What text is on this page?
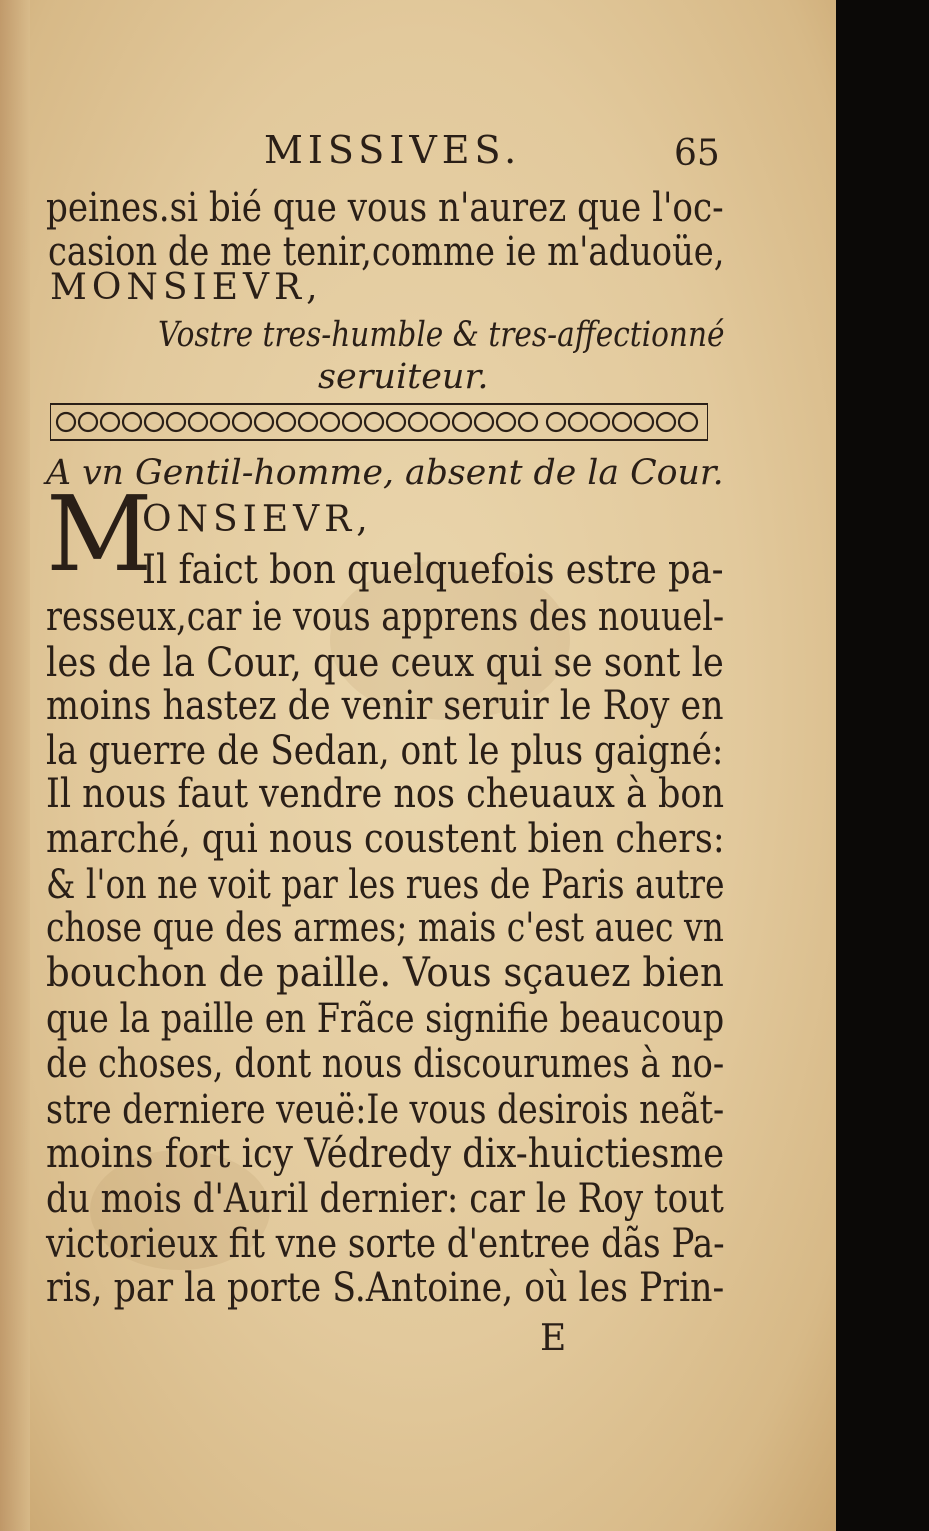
MISSIVES.	65
peines.si bié que vous n'aurez que l'oc-
casion de me tenir,comme ie m'aduoüe,
MONSIEVR,
Vostre tres-humble & tres-affectionné
seruiteur.
A vn Gentil-homme, absent de la Cour.
M
ONSIEVR,
Il faict bon quelquefois estre pa-
resseux,car ie vous apprens des nouuel-
les de la Cour, que ceux qui se sont le
moins hastez de venir seruir le Roy en
la guerre de Sedan, ont le plus gaigné:
Il nous faut vendre nos cheuaux à bon
marché, qui nous coustent bien chers:
& l'on ne voit par les rues de Paris autre
chose que des armes; mais c'est auec vn
bouchon de paille. Vous sçauez bien
que la paille en Frãce signifie beaucoup
de choses, dont nous discourumes à no-
stre derniere veuë:Ie vous desirois neãt-
moins fort icy Védredy dix-huictiesme
du mois d'Auril dernier: car le Roy tout
victorieux fit vne sorte d'entree dãs Pa-
ris, par la porte S.Antoine, où les Prin-
E
